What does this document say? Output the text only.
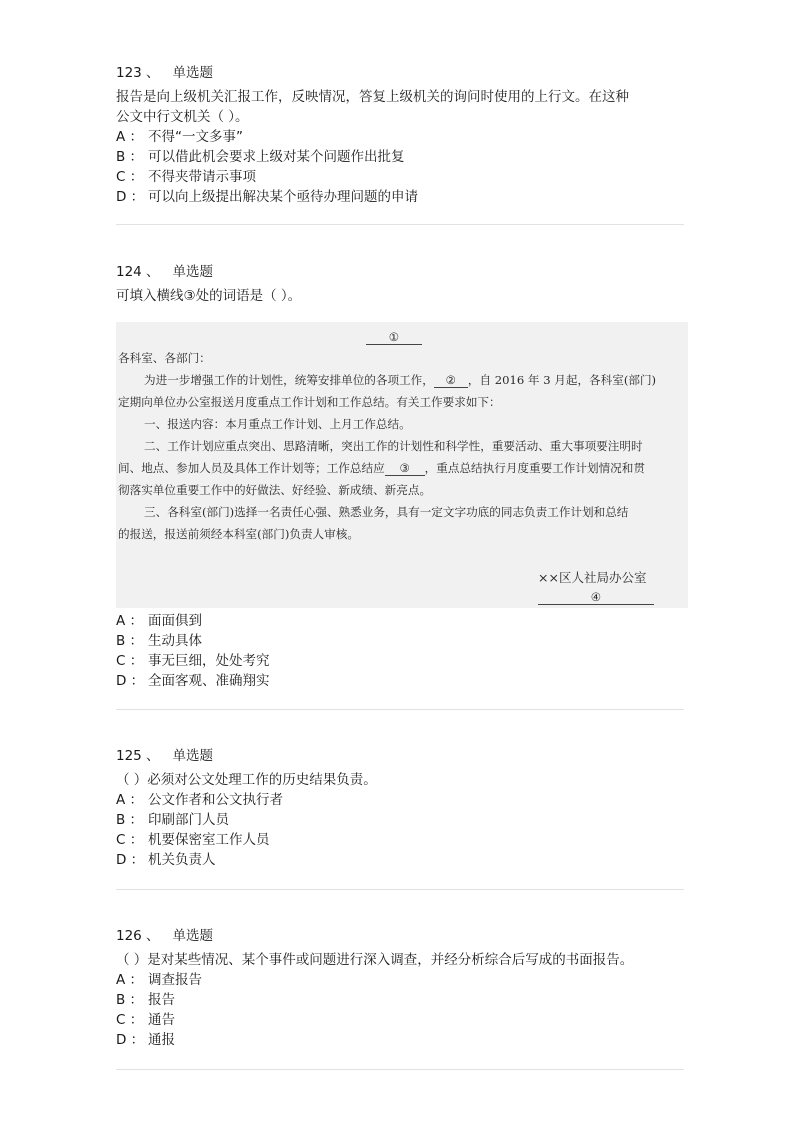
123 、 单选题
报告是向上级机关汇报工作，反映情况，答复上级机关的询问时使用的上行文。在这种
公文中行文机关（ ）。
A ： 不得“一文多事”
B ： 可以借此机会要求上级对某个问题作出批复
C ： 不得夹带请示事项
D ： 可以向上级提出解决某个亟待办理问题的申请
124 、 单选题
可填入横线③处的词语是（ ）。
①
各科室、各部门：
为进一步增强工作的计划性，统筹安排单位的各项工作， ② ，自 2016 年 3 月起，各科室(部门)
定期向单位办公室报送月度重点工作计划和工作总结。有关工作要求如下：
一、报送内容：本月重点工作计划、上月工作总结。
二、工作计划应重点突出、思路清晰，突出工作的计划性和科学性，重要活动、重大事项要注明时
间、地点、参加人员及具体工作计划等；工作总结应 ③ ，重点总结执行月度重要工作计划情况和贯
彻落实单位重要工作中的好做法、好经验、新成绩、新亮点。
三、各科室(部门)选择一名责任心强、熟悉业务，具有一定文字功底的同志负责工作计划和总结
的报送，报送前须经本科室(部门)负责人审核。
××区人社局办公室
④
A ： 面面俱到
B ： 生动具体
C ： 事无巨细，处处考究
D ： 全面客观、准确翔实
125 、 单选题
（ ）必须对公文处理工作的历史结果负责。
A ： 公文作者和公文执行者
B ： 印刷部门人员
C ： 机要保密室工作人员
D ： 机关负责人
126 、 单选题
（ ）是对某些情况、某个事件或问题进行深入调查，并经分析综合后写成的书面报告。
A ： 调查报告
B ： 报告
C ： 通告
D ： 通报
